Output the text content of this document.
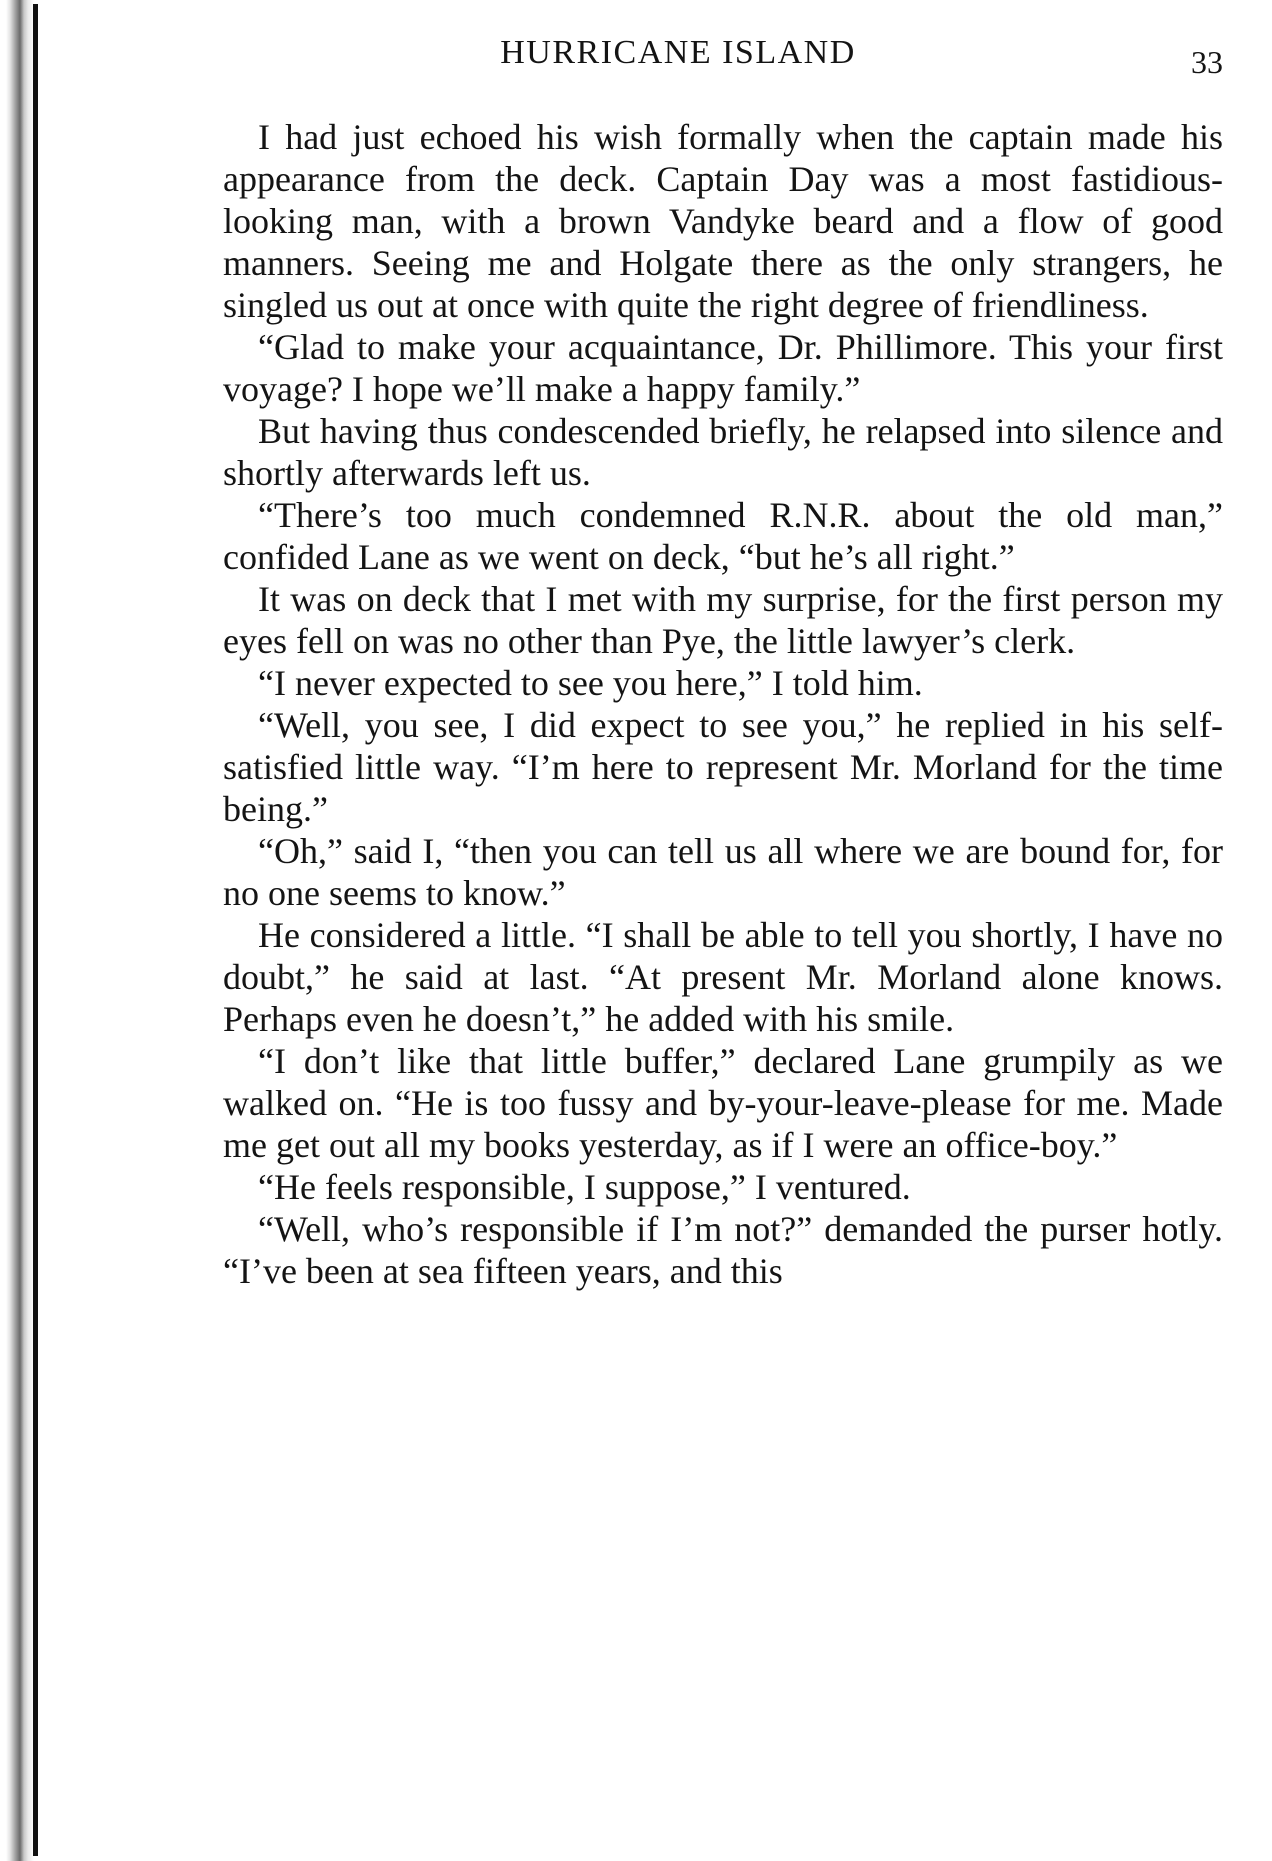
HURRICANE ISLAND	33

I had just echoed his wish formally when the captain made his appearance from the deck. Captain Day was a most fastidious-looking man, with a brown Vandyke beard and a flow of good manners. Seeing me and Holgate there as the only strangers, he singled us out at once with quite the right degree of friendliness.

“Glad to make your acquaintance, Dr. Phillimore. This your first voyage? I hope we’ll make a happy family.”

But having thus condescended briefly, he relapsed into silence and shortly afterwards left us.

“There’s too much condemned R.N.R. about the old man,” confided Lane as we went on deck, “but he’s all right.”

It was on deck that I met with my surprise, for the first person my eyes fell on was no other than Pye, the little lawyer’s clerk.

“I never expected to see you here,” I told him.

“Well, you see, I did expect to see you,” he replied in his self-satisfied little way. “I’m here to represent Mr. Morland for the time being.”

“Oh,” said I, “then you can tell us all where we are bound for, for no one seems to know.”

He considered a little. “I shall be able to tell you shortly, I have no doubt,” he said at last. “At present Mr. Morland alone knows. Perhaps even he doesn’t,” he added with his smile.

“I don’t like that little buffer,” declared Lane grumpily as we walked on. “He is too fussy and by-your-leave-please for me. Made me get out all my books yesterday, as if I were an office-boy.”

“He feels responsible, I suppose,” I ventured.

“Well, who’s responsible if I’m not?” demanded the purser hotly. “I’ve been at sea fifteen years, and this
